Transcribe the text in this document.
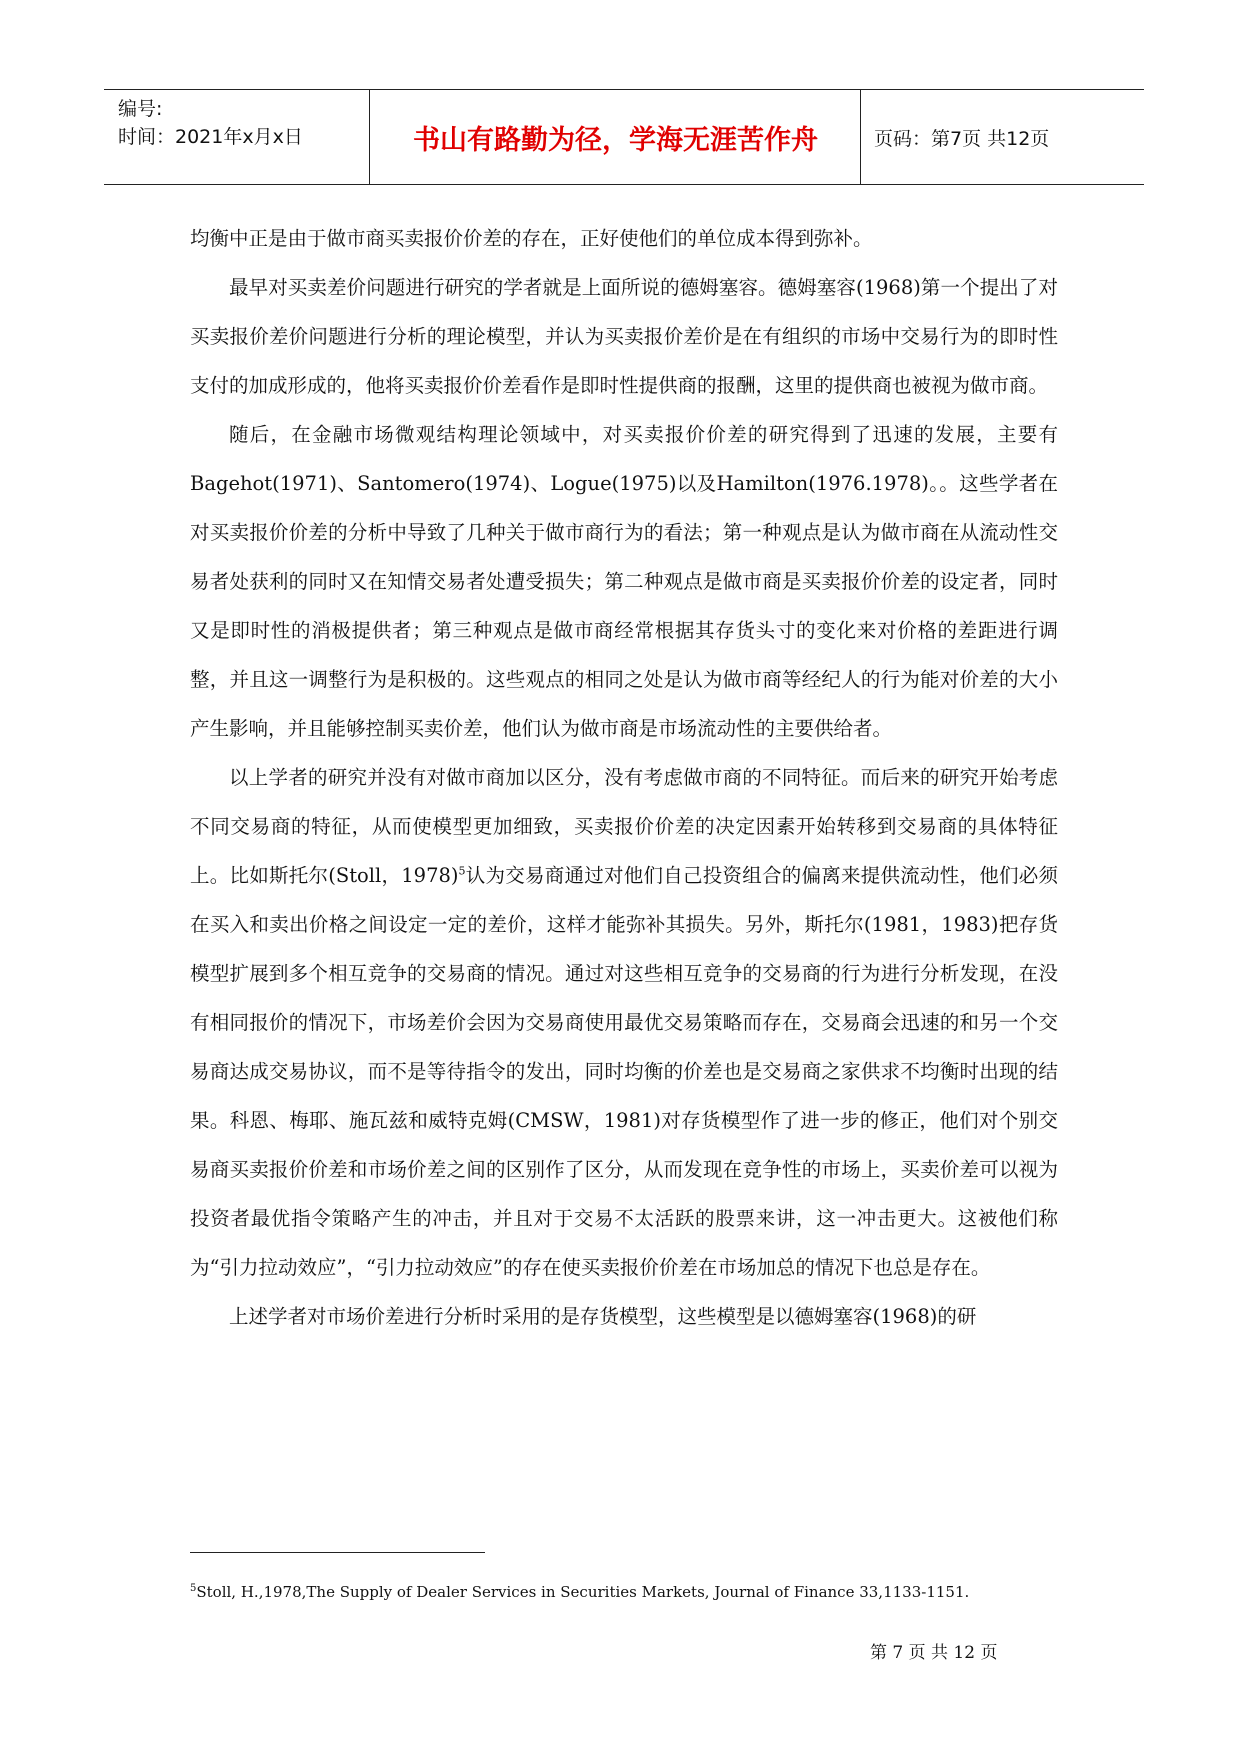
编号:
时间：2021年x月x日	书山有路勤为径，学海无涯苦作舟	页码：第7页 共12页

均衡中正是由于做市商买卖报价价差的存在，正好使他们的单位成本得到弥补。

最早对买卖差价问题进行研究的学者就是上面所说的德姆塞容。德姆塞容(1968)第一个提出了对买卖报价差价问题进行分析的理论模型，并认为买卖报价差价是在有组织的市场中交易行为的即时性支付的加成形成的，他将买卖报价价差看作是即时性提供商的报酬，这里的提供商也被视为做市商。

随后，在金融市场微观结构理论领域中，对买卖报价价差的研究得到了迅速的发展，主要有Bagehot(1971)、Santomero(1974)、Logue(1975)以及Hamilton(1976.1978)。。这些学者在对买卖报价价差的分析中导致了几种关于做市商行为的看法；第一种观点是认为做市商在从流动性交易者处获利的同时又在知情交易者处遭受损失；第二种观点是做市商是买卖报价价差的设定者，同时又是即时性的消极提供者；第三种观点是做市商经常根据其存货头寸的变化来对价格的差距进行调整，并且这一调整行为是积极的。这些观点的相同之处是认为做市商等经纪人的行为能对价差的大小产生影响，并且能够控制买卖价差，他们认为做市商是市场流动性的主要供给者。

以上学者的研究并没有对做市商加以区分，没有考虑做市商的不同特征。而后来的研究开始考虑不同交易商的特征，从而使模型更加细致，买卖报价价差的决定因素开始转移到交易商的具体特征上。比如斯托尔(Stoll，1978)$^5$认为交易商通过对他们自己投资组合的偏离来提供流动性，他们必须在买入和卖出价格之间设定一定的差价，这样才能弥补其损失。另外，斯托尔(1981，1983)把存货模型扩展到多个相互竞争的交易商的情况。通过对这些相互竞争的交易商的行为进行分析发现，在没有相同报价的情况下，市场差价会因为交易商使用最优交易策略而存在，交易商会迅速的和另一个交易商达成交易协议，而不是等待指令的发出，同时均衡的价差也是交易商之家供求不均衡时出现的结果。科恩、梅耶、施瓦兹和威特克姆(CMSW，1981)对存货模型作了进一步的修正，他们对个别交易商买卖报价价差和市场价差之间的区别作了区分，从而发现在竞争性的市场上，买卖价差可以视为投资者最优指令策略产生的冲击，并且对于交易不太活跃的股票来讲，这一冲击更大。这被他们称为“引力拉动效应”，“引力拉动效应”的存在使买卖报价价差在市场加总的情况下也总是存在。

上述学者对市场价差进行分析时采用的是存货模型，这些模型是以德姆塞容(1968)的研

$^5$Stoll, H.,1978,The Supply of Dealer Services in Securities Markets, Journal of Finance 33,1133-1151.
第 7 页 共 12 页
